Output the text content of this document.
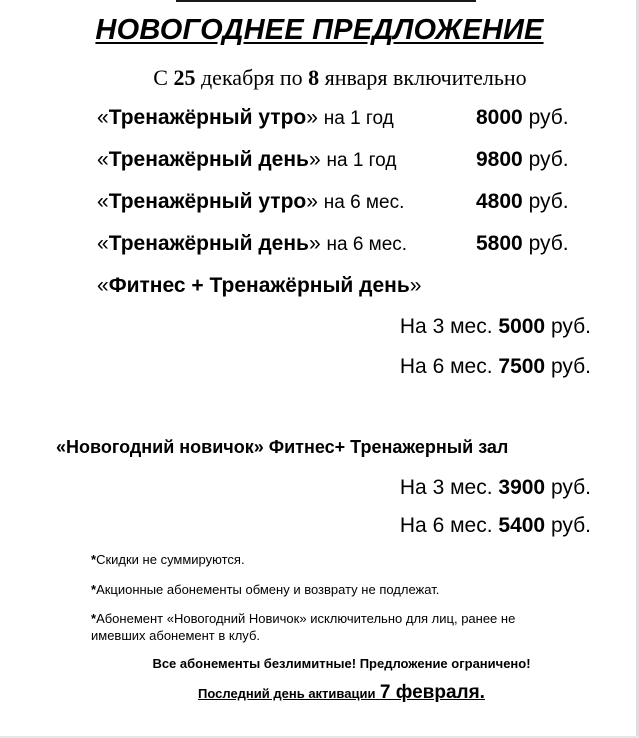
НОВОГОДНЕЕ ПРЕДЛОЖЕНИЕ
С 25 декабря по 8 января включительно
«Тренажёрный утро» на 1 год	8000 руб.
«Тренажёрный день» на 1 год	9800 руб.
«Тренажёрный утро» на 6 мес.	4800 руб.
«Тренажёрный день» на 6 мес.	5800 руб.
«Фитнес + Тренажёрный день»
На 3 мес. 5000 руб.
На 6 мес. 7500 руб.
«Новогодний новичок» Фитнес+ Тренажерный зал
На 3 мес. 3900 руб.
На 6 мес. 5400 руб.
*Скидки не суммируются.
*Акционные абонементы обмену и возврату не подлежат.
*Абонемент «Новогодний Новичок» исключительно для лиц, ранее не
имевших абонемент в клуб.
Все абонементы безлимитные! Предложение ограничено!
Последний день активации 7 февраля.
